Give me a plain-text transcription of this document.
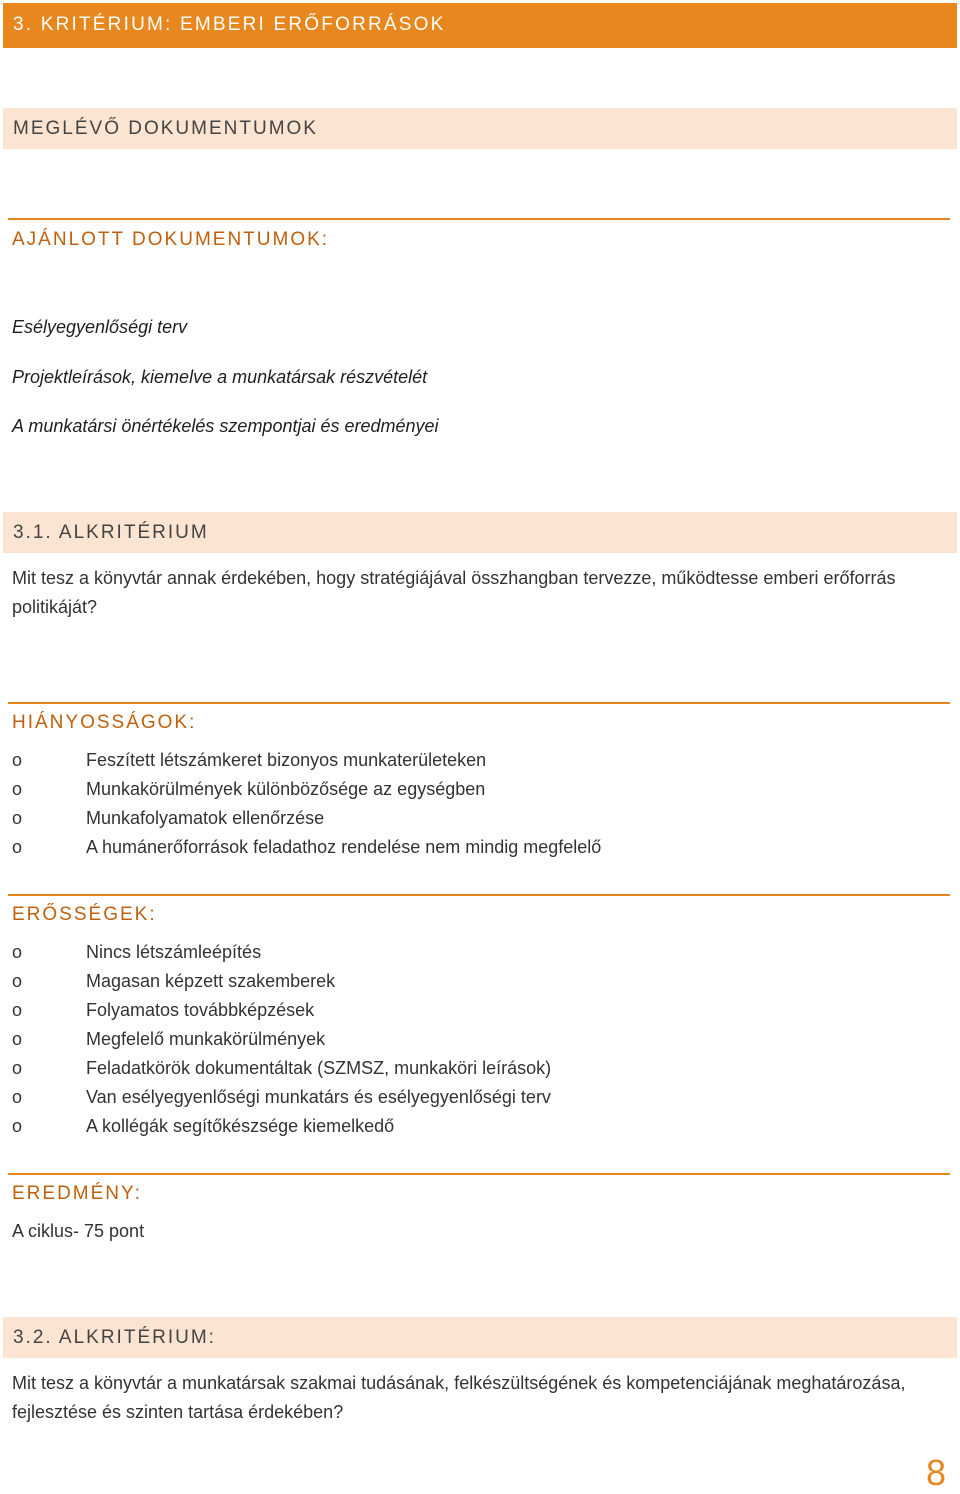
3. KRITÉRIUM: EMBERI ERŐFORRÁSOK
MEGLÉVŐ DOKUMENTUMOK
AJÁNLOTT DOKUMENTUMOK:
Esélyegyenlőségi terv
Projektleírások, kiemelve a munkatársak részvételét
A munkatársi önértékelés szempontjai és eredményei
3.1. ALKRITÉRIUM
Mit tesz a könyvtár annak érdekében, hogy stratégiájával összhangban tervezze, működtesse emberi erőforrás
politikáját?
HIÁNYOSSÁGOK:
o	Feszített létszámkeret bizonyos munkaterületeken
o	Munkakörülmények különbözősége az egységben
o	Munkafolyamatok ellenőrzése
o	A humánerőforrások feladathoz rendelése nem mindig megfelelő
ERŐSSÉGEK:
o	Nincs létszámleépítés
o	Magasan képzett szakemberek
o	Folyamatos továbbképzések
o	Megfelelő munkakörülmények
o	Feladatkörök dokumentáltak (SZMSZ, munkaköri leírások)
o	Van esélyegyenlőségi munkatárs és esélyegyenlőségi terv
o	A kollégák segítőkészsége kiemelkedő
EREDMÉNY:
A ciklus- 75 pont
3.2. ALKRITÉRIUM:
Mit tesz a könyvtár a munkatársak szakmai tudásának, felkészültségének és kompetenciájának meghatározása,
fejlesztése és szinten tartása érdekében?
8
